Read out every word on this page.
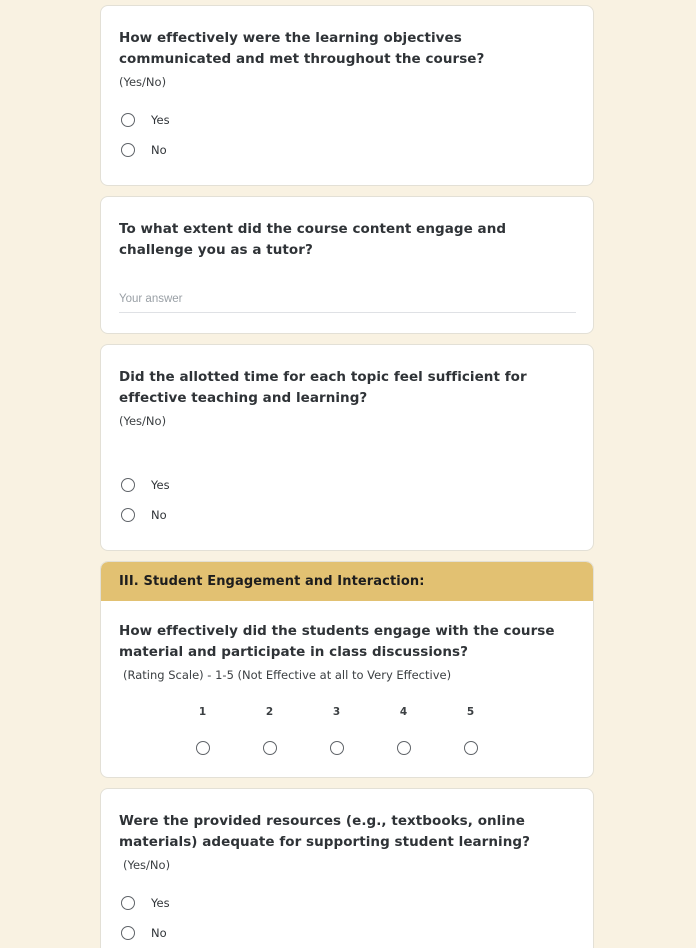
How effectively were the learning objectives communicated and met throughout the course?

(Yes/No)

Yes
No

To what extent did the course content engage and challenge you as a tutor?

Your answer

Did the allotted time for each topic feel sufficient for effective teaching and learning?

(Yes/No)

Yes
No
III. Student Engagement and Interaction:

How effectively did the students engage with the course material and participate in class discussions?

(Rating Scale) - 1-5 (Not Effective at all to Very Effective)

1	2	3	4	5

Were the provided resources (e.g., textbooks, online materials) adequate for supporting student learning?

(Yes/No)

Yes
No
